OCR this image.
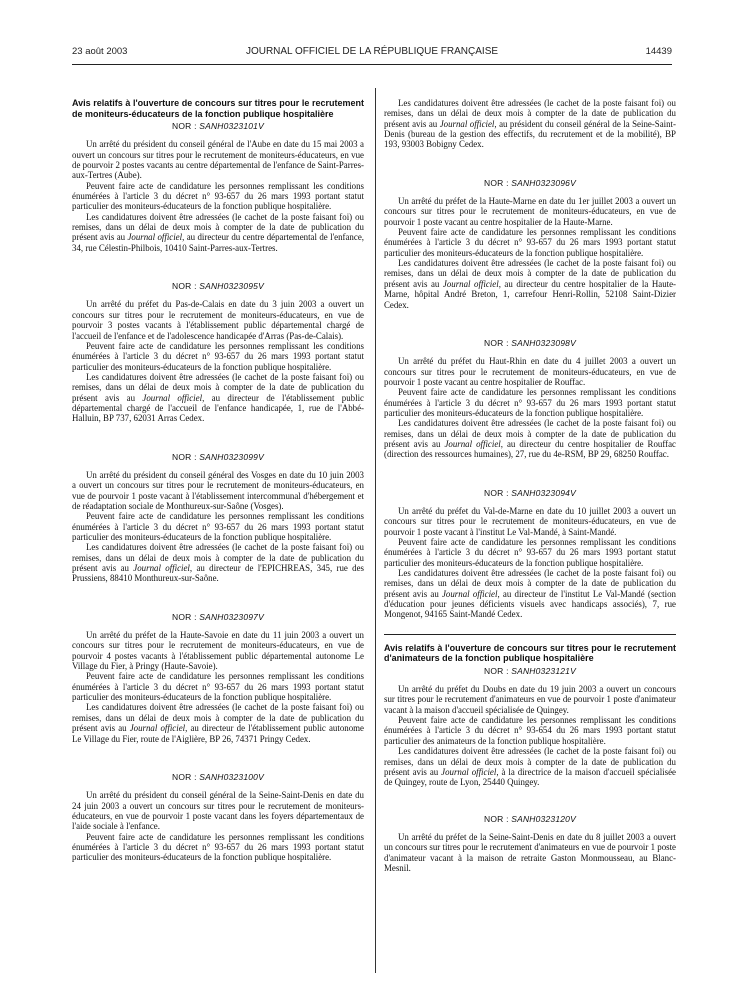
23 août 2003	JOURNAL OFFICIEL DE LA RÉPUBLIQUE FRANÇAISE	14439

Avis relatifs à l'ouverture de concours sur titres pour le recrutement de moniteurs-éducateurs de la fonction publique hospitalière

NOR : SANH0323101V

Un arrêté du président du conseil général de l'Aube en date du 15 mai 2003 a ouvert un concours sur titres pour le recrutement de moniteurs-éducateurs, en vue de pourvoir 2 postes vacants au centre départemental de l'enfance de Saint-Parres-aux-Tertres (Aube).

Peuvent faire acte de candidature les personnes remplissant les conditions énumérées à l'article 3 du décret n° 93-657 du 26 mars 1993 portant statut particulier des moniteurs-éducateurs de la fonction publique hospitalière.

Les candidatures doivent être adressées (le cachet de la poste faisant foi) ou remises, dans un délai de deux mois à compter de la date de publication du présent avis au Journal officiel, au directeur du centre départemental de l'enfance, 34, rue Célestin-Philbois, 10410 Saint-Parres-aux-Tertres.

NOR : SANH0323095V

Un arrêté du préfet du Pas-de-Calais en date du 3 juin 2003 a ouvert un concours sur titres pour le recrutement de moniteurs-éducateurs, en vue de pourvoir 3 postes vacants à l'établissement public départemental chargé de l'accueil de l'enfance et de l'adolescence handicapée d'Arras (Pas-de-Calais).

Peuvent faire acte de candidature les personnes remplissant les conditions énumérées à l'article 3 du décret n° 93-657 du 26 mars 1993 portant statut particulier des moniteurs-éducateurs de la fonction publique hospitalière.

Les candidatures doivent être adressées (le cachet de la poste faisant foi) ou remises, dans un délai de deux mois à compter de la date de publication du présent avis au Journal officiel, au directeur de l'établissement public départemental chargé de l'accueil de l'enfance handicapée, 1, rue de l'Abbé-Halluin, BP 737, 62031 Arras Cedex.

NOR : SANH0323099V

Un arrêté du président du conseil général des Vosges en date du 10 juin 2003 a ouvert un concours sur titres pour le recrutement de moniteurs-éducateurs, en vue de pourvoir 1 poste vacant à l'établissement intercommunal d'hébergement et de réadaptation sociale de Monthureux-sur-Saône (Vosges).

Peuvent faire acte de candidature les personnes remplissant les conditions énumérées à l'article 3 du décret n° 93-657 du 26 mars 1993 portant statut particulier des moniteurs-éducateurs de la fonction publique hospitalière.

Les candidatures doivent être adressées (le cachet de la poste faisant foi) ou remises, dans un délai de deux mois à compter de la date de publication du présent avis au Journal officiel, au directeur de l'EPICHREAS, 345, rue des Prussiens, 88410 Monthureux-sur-Saône.

NOR : SANH0323097V

Un arrêté du préfet de la Haute-Savoie en date du 11 juin 2003 a ouvert un concours sur titres pour le recrutement de moniteurs-éducateurs, en vue de pourvoir 4 postes vacants à l'établissement public départemental autonome Le Village du Fier, à Pringy (Haute-Savoie).

Peuvent faire acte de candidature les personnes remplissant les conditions énumérées à l'article 3 du décret n° 93-657 du 26 mars 1993 portant statut particulier des moniteurs-éducateurs de la fonction publique hospitalière.

Les candidatures doivent être adressées (le cachet de la poste faisant foi) ou remises, dans un délai de deux mois à compter de la date de publication du présent avis au Journal officiel, au directeur de l'établissement public autonome Le Village du Fier, route de l'Aiglière, BP 26, 74371 Pringy Cedex.

NOR : SANH0323100V

Un arrêté du président du conseil général de la Seine-Saint-Denis en date du 24 juin 2003 a ouvert un concours sur titres pour le recrutement de moniteurs-éducateurs, en vue de pourvoir 1 poste vacant dans les foyers départementaux de l'aide sociale à l'enfance.

Peuvent faire acte de candidature les personnes remplissant les conditions énumérées à l'article 3 du décret n° 93-657 du 26 mars 1993 portant statut particulier des moniteurs-éducateurs de la fonction publique hospitalière.

Les candidatures doivent être adressées (le cachet de la poste faisant foi) ou remises, dans un délai de deux mois à compter de la date de publication du présent avis au Journal officiel, au président du conseil général de la Seine-Saint-Denis (bureau de la gestion des effectifs, du recrutement et de la mobilité), BP 193, 93003 Bobigny Cedex.

NOR : SANH0323096V

Un arrêté du préfet de la Haute-Marne en date du 1er juillet 2003 a ouvert un concours sur titres pour le recrutement de moniteurs-éducateurs, en vue de pourvoir 1 poste vacant au centre hospitalier de la Haute-Marne.

Peuvent faire acte de candidature les personnes remplissant les conditions énumérées à l'article 3 du décret n° 93-657 du 26 mars 1993 portant statut particulier des moniteurs-éducateurs de la fonction publique hospitalière.

Les candidatures doivent être adressées (le cachet de la poste faisant foi) ou remises, dans un délai de deux mois à compter de la date de publication du présent avis au Journal officiel, au directeur du centre hospitalier de la Haute-Marne, hôpital André Breton, 1, carrefour Henri-Rollin, 52108 Saint-Dizier Cedex.

NOR : SANH0323098V

Un arrêté du préfet du Haut-Rhin en date du 4 juillet 2003 a ouvert un concours sur titres pour le recrutement de moniteurs-éducateurs, en vue de pourvoir 1 poste vacant au centre hospitalier de Rouffac.

Peuvent faire acte de candidature les personnes remplissant les conditions énumérées à l'article 3 du décret n° 93-657 du 26 mars 1993 portant statut particulier des moniteurs-éducateurs de la fonction publique hospitalière.

Les candidatures doivent être adressées (le cachet de la poste faisant foi) ou remises, dans un délai de deux mois à compter de la date de publication du présent avis au Journal officiel, au directeur du centre hospitalier de Rouffac (direction des ressources humaines), 27, rue du 4e-RSM, BP 29, 68250 Rouffac.

NOR : SANH0323094V

Un arrêté du préfet du Val-de-Marne en date du 10 juillet 2003 a ouvert un concours sur titres pour le recrutement de moniteurs-éducateurs, en vue de pourvoir 1 poste vacant à l'institut Le Val-Mandé, à Saint-Mandé.

Peuvent faire acte de candidature les personnes remplissant les conditions énumérées à l'article 3 du décret n° 93-657 du 26 mars 1993 portant statut particulier des moniteurs-éducateurs de la fonction publique hospitalière.

Les candidatures doivent être adressées (le cachet de la poste faisant foi) ou remises, dans un délai de deux mois à compter de la date de publication du présent avis au Journal officiel, au directeur de l'institut Le Val-Mandé (section d'éducation pour jeunes déficients visuels avec handicaps associés), 7, rue Mongenot, 94165 Saint-Mandé Cedex.

Avis relatifs à l'ouverture de concours sur titres pour le recrutement d'animateurs de la fonction publique hospitalière

NOR : SANH0323121V

Un arrêté du préfet du Doubs en date du 19 juin 2003 a ouvert un concours sur titres pour le recrutement d'animateurs en vue de pourvoir 1 poste d'animateur vacant à la maison d'accueil spécialisée de Quingey.

Peuvent faire acte de candidature les personnes remplissant les conditions énumérées à l'article 3 du décret n° 93-654 du 26 mars 1993 portant statut particulier des animateurs de la fonction publique hospitalière.

Les candidatures doivent être adressées (le cachet de la poste faisant foi) ou remises, dans un délai de deux mois à compter de la date de publication du présent avis au Journal officiel, à la directrice de la maison d'accueil spécialisée de Quingey, route de Lyon, 25440 Quingey.

NOR : SANH0323120V

Un arrêté du préfet de la Seine-Saint-Denis en date du 8 juillet 2003 a ouvert un concours sur titres pour le recrutement d'animateurs en vue de pourvoir 1 poste d'animateur vacant à la maison de retraite Gaston Monmousseau, au Blanc-Mesnil.
